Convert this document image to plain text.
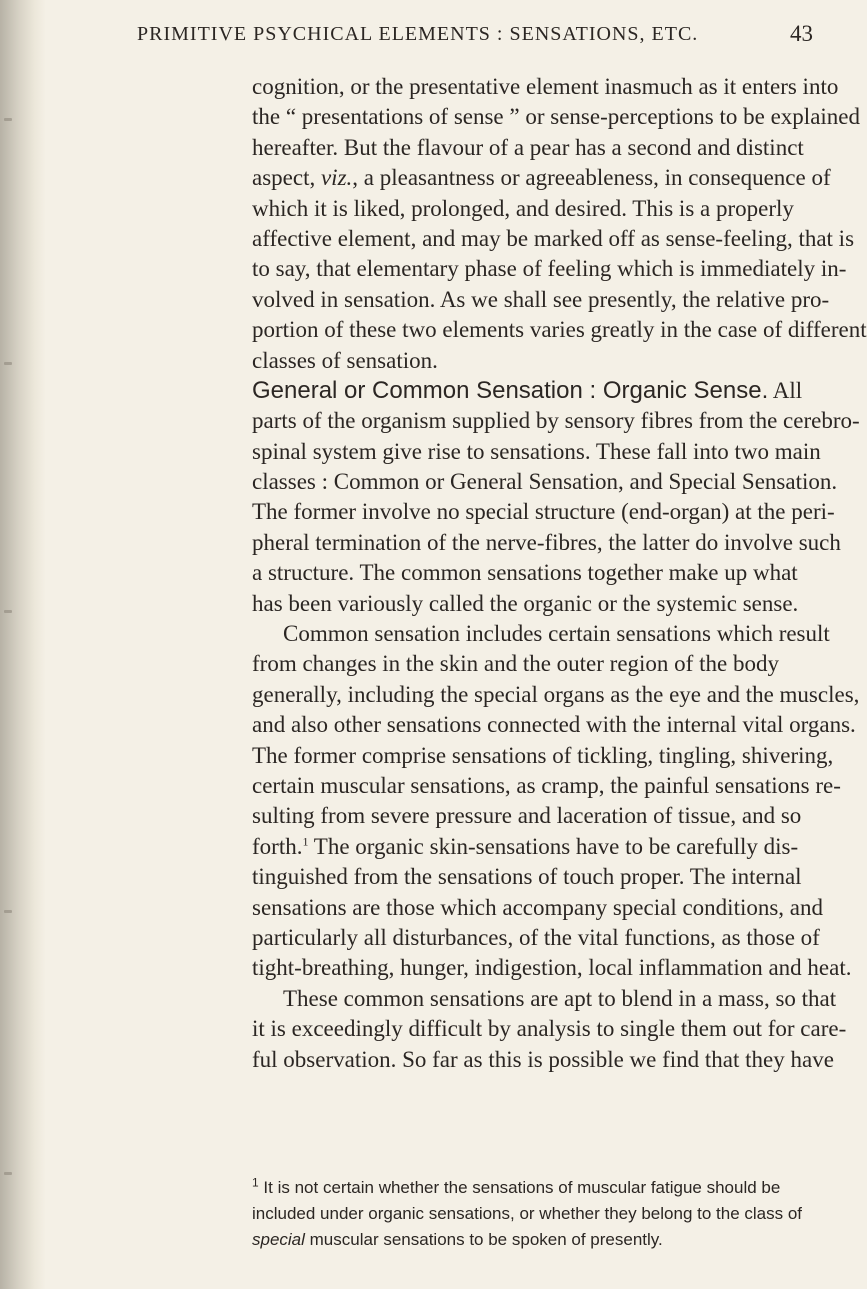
PRIMITIVE PSYCHICAL ELEMENTS : SENSATIONS, ETC.	43
cognition, or the presentative element inasmuch as it enters into
the “ presentations of sense ” or sense-perceptions to be explained
hereafter. But the flavour of a pear has a second and distinct
aspect, viz., a pleasantness or agreeableness, in consequence of
which it is liked, prolonged, and desired. This is a properly
affective element, and may be marked off as sense-feeling, that is
to say, that elementary phase of feeling which is immediately in-
volved in sensation. As we shall see presently, the relative pro-
portion of these two elements varies greatly in the case of different
classes of sensation.
General or Common Sensation : Organic Sense. All
parts of the organism supplied by sensory fibres from the cerebro-
spinal system give rise to sensations. These fall into two main
classes : Common or General Sensation, and Special Sensation.
The former involve no special structure (end-organ) at the peri-
pheral termination of the nerve-fibres, the latter do involve such
a structure. The common sensations together make up what
has been variously called the organic or the systemic sense.
Common sensation includes certain sensations which result
from changes in the skin and the outer region of the body
generally, including the special organs as the eye and the muscles,
and also other sensations connected with the internal vital organs.
The former comprise sensations of tickling, tingling, shivering,
certain muscular sensations, as cramp, the painful sensations re-
sulting from severe pressure and laceration of tissue, and so
forth.$^1$ The organic skin-sensations have to be carefully dis-
tinguished from the sensations of touch proper. The internal
sensations are those which accompany special conditions, and
particularly all disturbances, of the vital functions, as those of
tight-breathing, hunger, indigestion, local inflammation and heat.
These common sensations are apt to blend in a mass, so that
it is exceedingly difficult by analysis to single them out for care-
ful observation. So far as this is possible we find that they have
$^1$ It is not certain whether the sensations of muscular fatigue should be
included under organic sensations, or whether they belong to the class of
special muscular sensations to be spoken of presently.
